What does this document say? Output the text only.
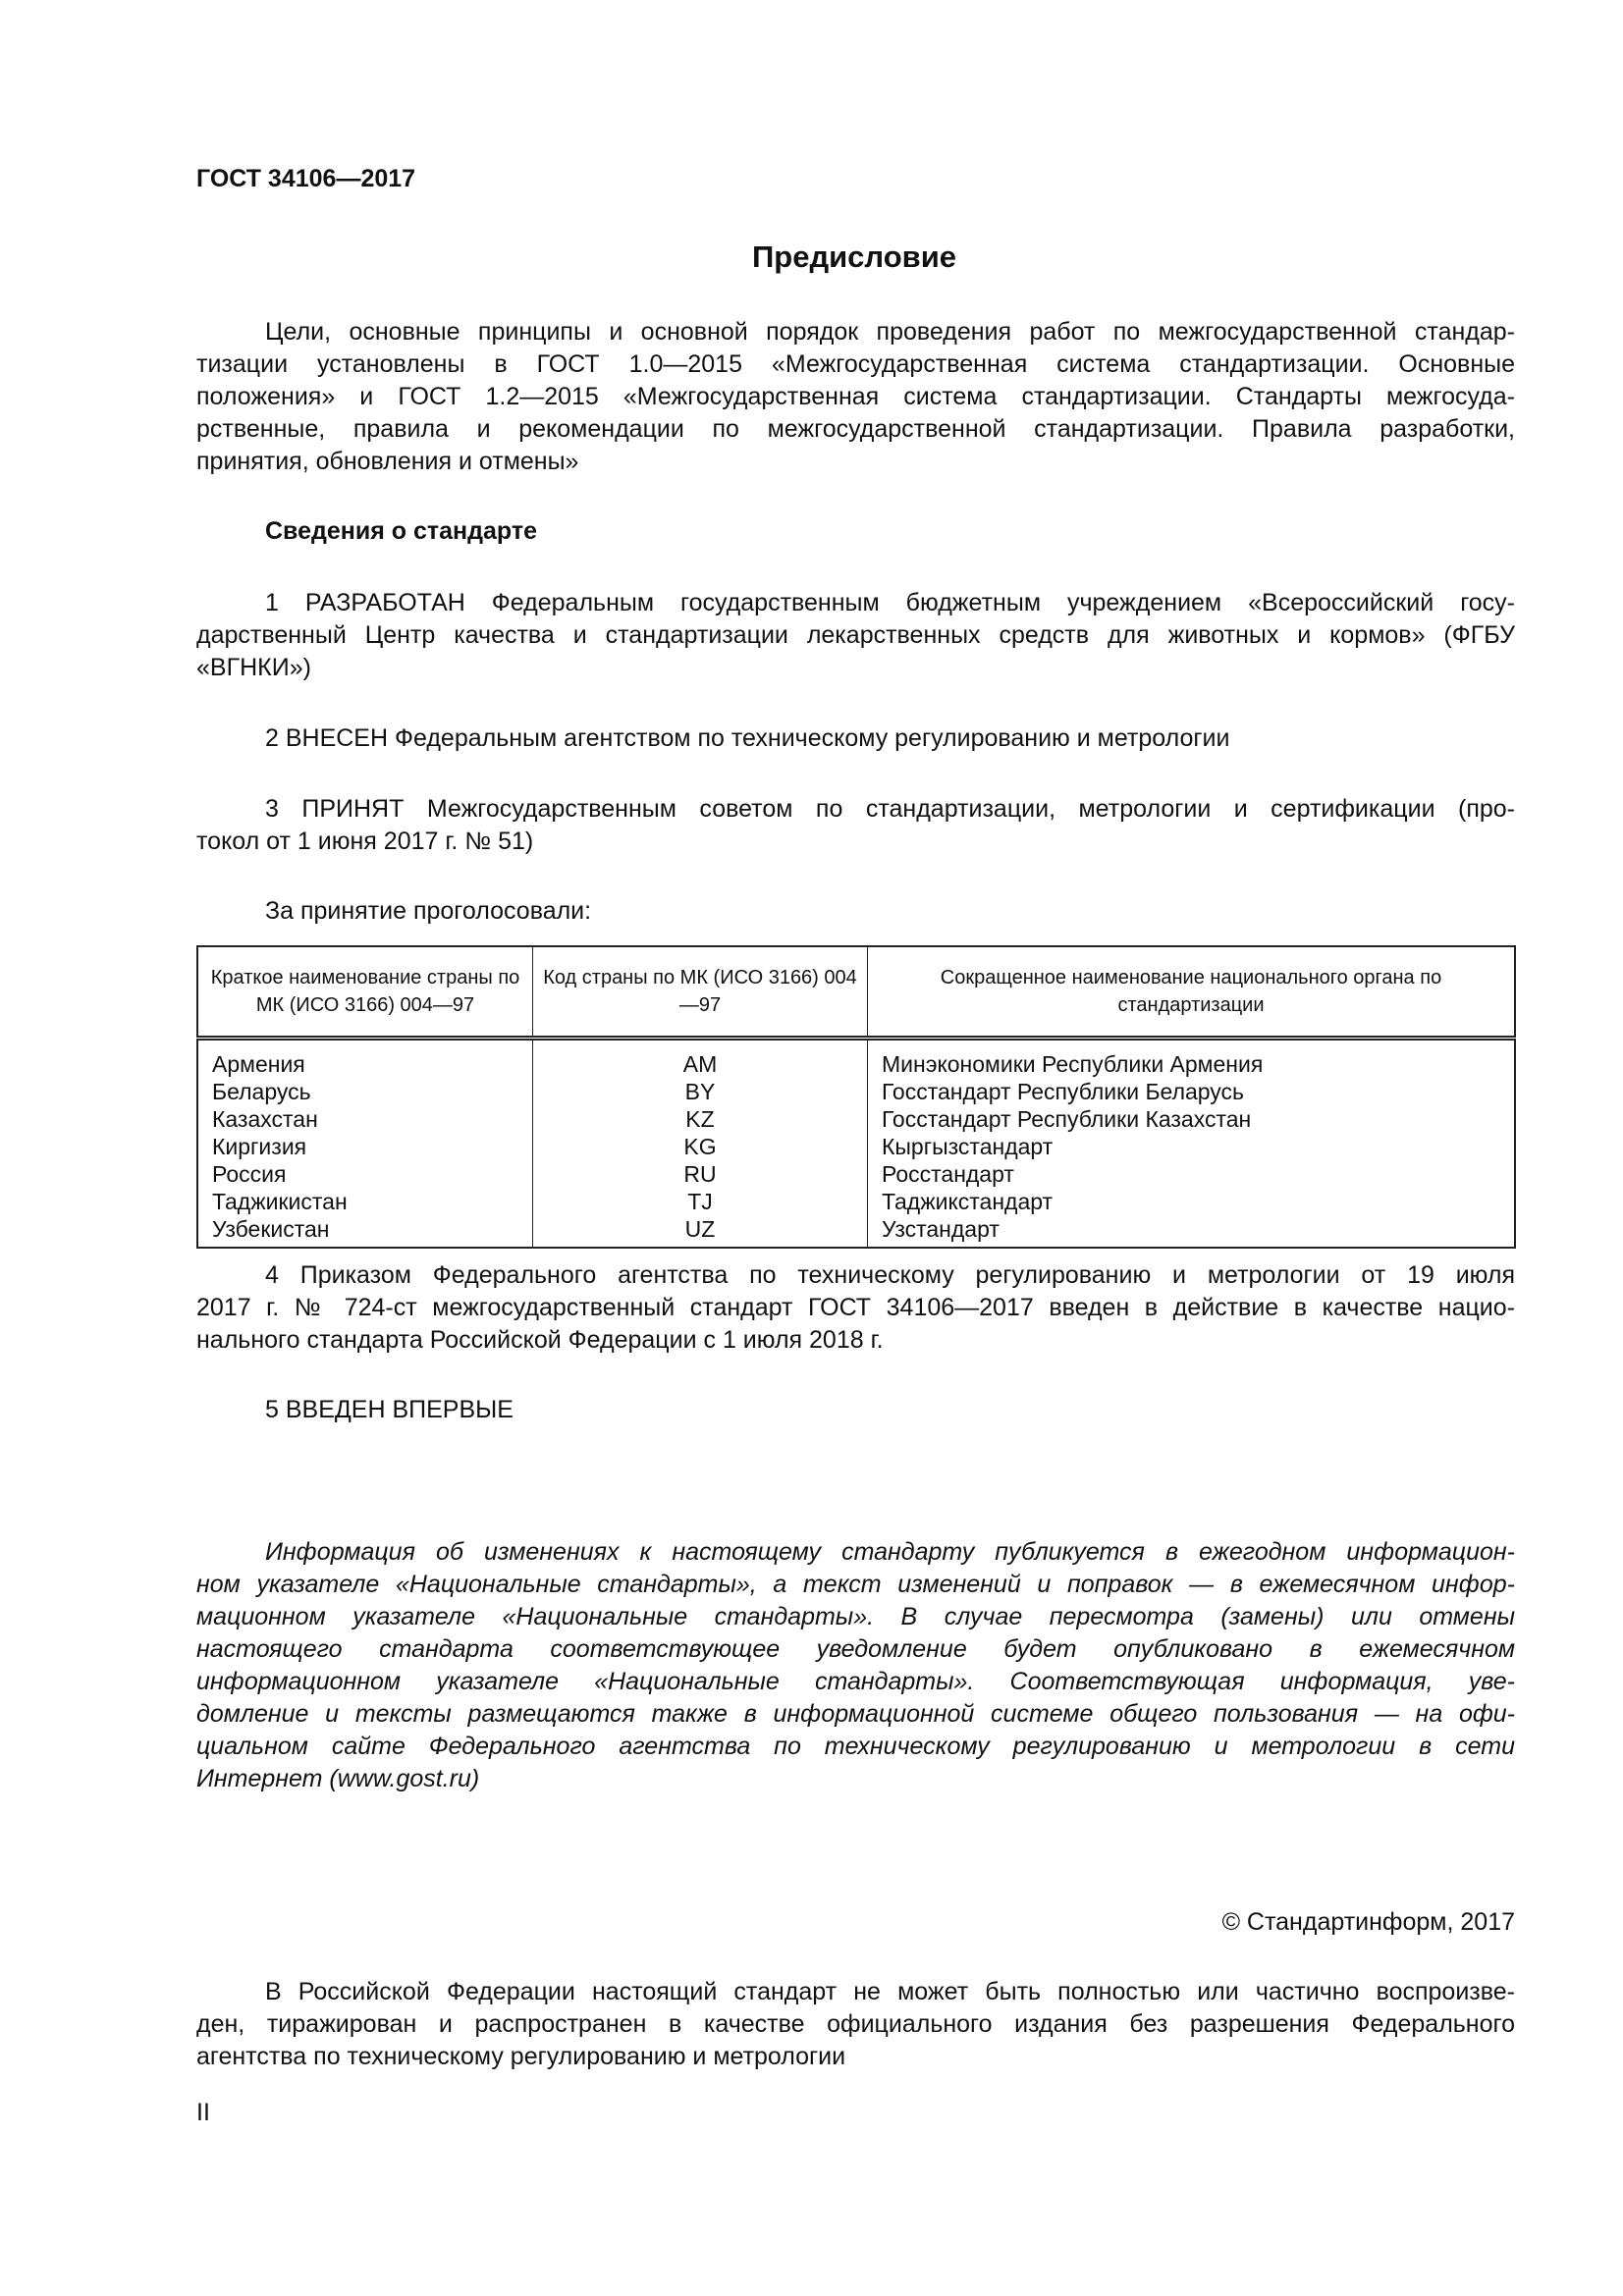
ГОСТ 34106—2017
Предисловие
Цели, основные принципы и основной порядок проведения работ по межгосударственной стандар-
тизации установлены в ГОСТ 1.0—2015 «Межгосударственная система стандартизации. Основные
положения» и ГОСТ 1.2—2015 «Межгосударственная система стандартизации. Стандарты межгосуда-
рственные, правила и рекомендации по межгосударственной стандартизации. Правила разработки,
принятия, обновления и отмены»
Сведения о стандарте
1 РАЗРАБОТАН Федеральным государственным бюджетным учреждением «Всероссийский госу-
дарственный Центр качества и стандартизации лекарственных средств для животных и кормов» (ФГБУ
«ВГНКИ»)
2 ВНЕСЕН Федеральным агентством по техническому регулированию и метрологии
3 ПРИНЯТ Межгосударственным советом по стандартизации, метрологии и сертификации (про-
токол от 1 июня 2017 г. № 51)
За принятие проголосовали:
Краткое наименование страны по МК (ИСО 3166) 004—97	Код страны по МК (ИСО 3166) 004—97	Сокращенное наименование национального органа по стандартизации

Армения	AM	Минэкономики Республики Армения
Беларусь	BY	Госстандарт Республики Беларусь
Казахстан	KZ	Госстандарт Республики Казахстан
Киргизия	KG	Кыргызстандарт
Россия	RU	Росстандарт
Таджикистан	TJ	Таджикстандарт
Узбекистан	UZ	Узстандарт
4 Приказом Федерального агентства по техническому регулированию и метрологии от 19 июля
2017 г. № 724-ст межгосударственный стандарт ГОСТ 34106—2017 введен в действие в качестве нацио-
нального стандарта Российской Федерации с 1 июля 2018 г.
5 ВВЕДЕН ВПЕРВЫЕ
Информация об изменениях к настоящему стандарту публикуется в ежегодном информацион-
ном указателе «Национальные стандарты», а текст изменений и поправок — в ежемесячном инфор-
мационном указателе «Национальные стандарты». В случае пересмотра (замены) или отмены
настоящего стандарта соответствующее уведомление будет опубликовано в ежемесячном
информационном указателе «Национальные стандарты». Соответствующая информация, уве-
домление и тексты размещаются также в информационной системе общего пользования — на офи-
циальном сайте Федерального агентства по техническому регулированию и метрологии в сети
Интернет (www.gost.ru)
© Стандартинформ, 2017
В Российской Федерации настоящий стандарт не может быть полностью или частично воспроизве-
ден, тиражирован и распространен в качестве официального издания без разрешения Федерального
агентства по техническому регулированию и метрологии
II
